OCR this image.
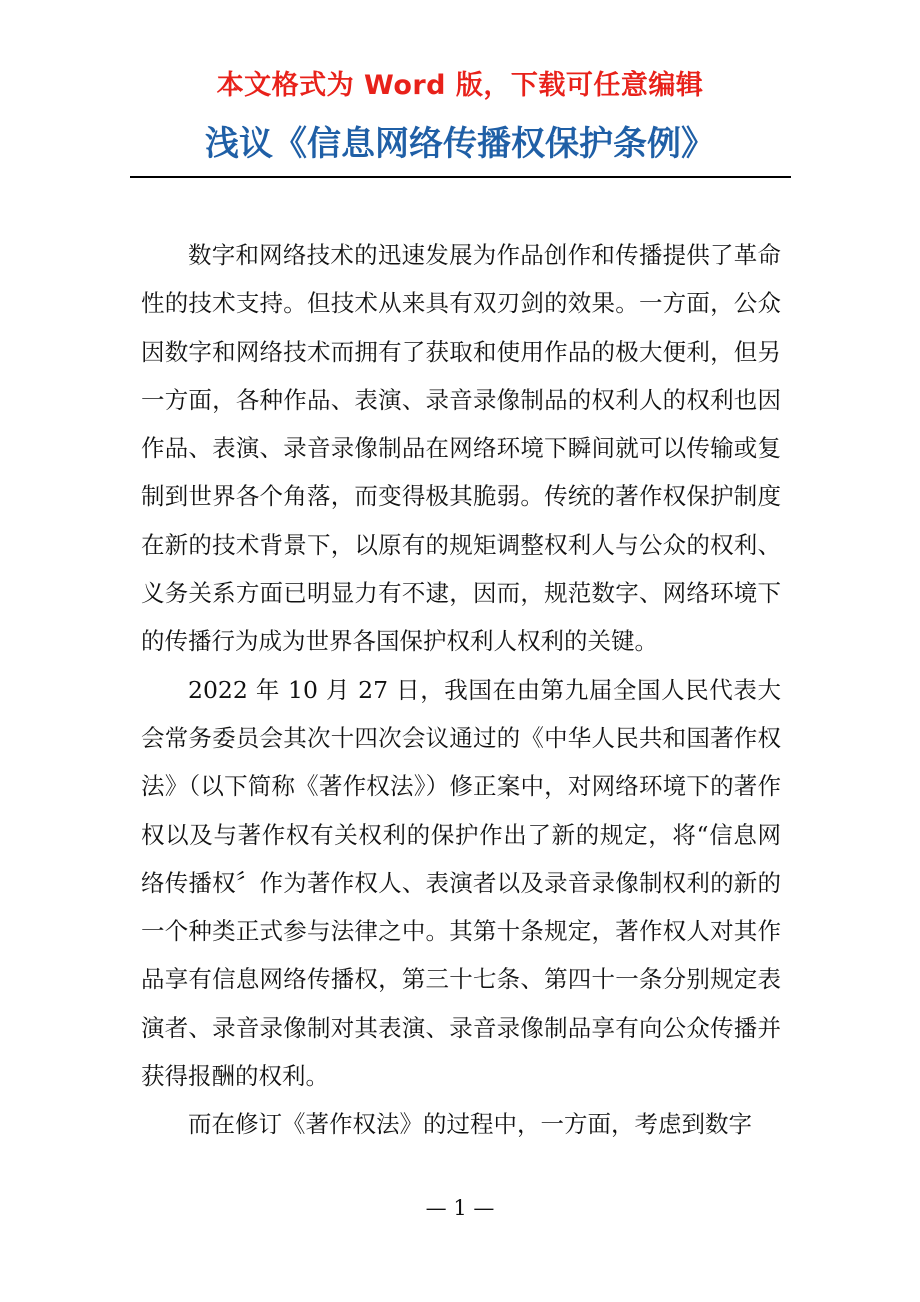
本文格式为 Word 版，下载可任意编辑
浅议《信息网络传播权保护条例》

数字和网络技术的迅速发展为作品创作和传播提供了革命性的技术支持。但技术从来具有双刃剑的效果。一方面，公众因数字和网络技术而拥有了获取和使用作品的极大便利，但另一方面，各种作品、表演、录音录像制品的权利人的权利也因作品、表演、录音录像制品在网络环境下瞬间就可以传输或复制到世界各个角落，而变得极其脆弱。传统的著作权保护制度在新的技术背景下，以原有的规矩调整权利人与公众的权利、义务关系方面已明显力有不逮，因而，规范数字、网络环境下的传播行为成为世界各国保护权利人权利的关键。

2022 年 10 月 27 日，我国在由第九届全国人民代表大会常务委员会其次十四次会议通过的《中华人民共和国著作权法》（以下简称《著作权法》）修正案中，对网络环境下的著作权以及与著作权有关权利的保护作出了新的规定，将“信息网络传播权〞作为著作权人、表演者以及录音录像制权利的新的一个种类正式参与法律之中。其第十条规定，著作权人对其作品享有信息网络传播权，第三十七条、第四十一条分别规定表演者、录音录像制对其表演、录音录像制品享有向公众传播并获得报酬的权利。

而在修订《著作权法》的过程中，一方面，考虑到数字

— 1 —
